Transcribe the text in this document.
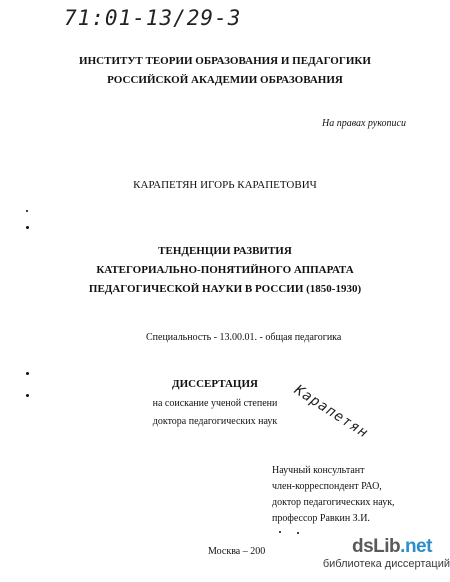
71:01-13/29-3
ИНСТИТУТ ТЕОРИИ ОБРАЗОВАНИЯ И ПЕДАГОГИКИ
РОССИЙСКОЙ АКАДЕМИИ ОБРАЗОВАНИЯ
На правах рукописи
КАРАПЕТЯН ИГОРЬ КАРАПЕТОВИЧ
ТЕНДЕНЦИИ РАЗВИТИЯ
КАТЕГОРИАЛЬНО-ПОНЯТИЙНОГО АППАРАТА
ПЕДАГОГИЧЕСКОЙ НАУКИ В РОССИИ (1850-1930)
Специальность - 13.00.01. - общая педагогика
ДИССЕРТАЦИЯ
на соискание ученой степени
доктора педагогических наук	Карапетян
Научный консультант
член-корреспондент РАО,
доктор педагогических наук,
профессор Равкин З.И.
Москва – 200	dsLib.net
библиотека диссертаций
